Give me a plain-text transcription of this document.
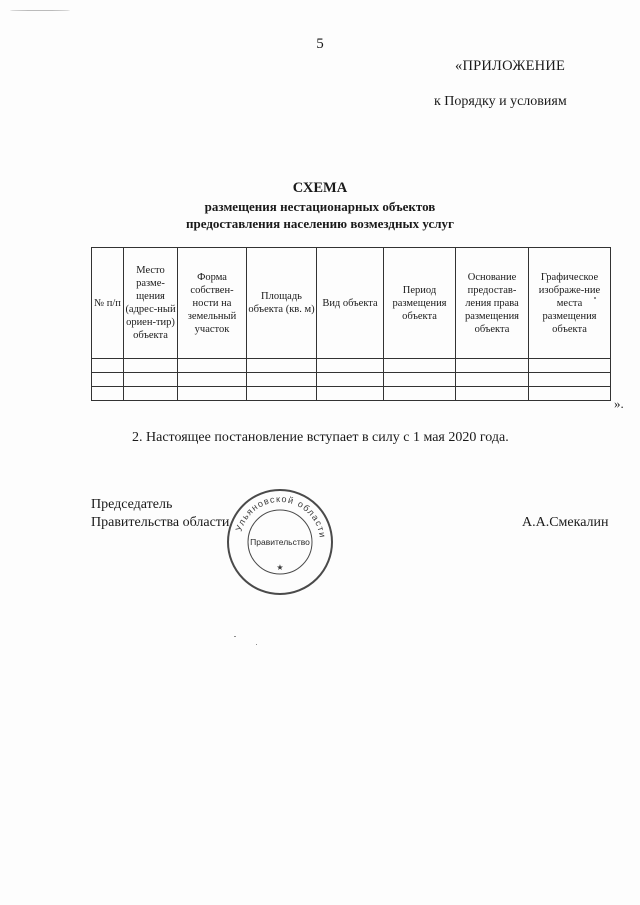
5
«ПРИЛОЖЕНИЕ
к Порядку и условиям
СХЕМА
размещения нестационарных объектов
предоставления населению возмездных услуг
№ п/п	Место разме-щения (адрес-ный ориен-тир) объекта	Форма собствен-ности на земельный участок	Площадь объекта (кв. м)	Вид объекта	Период размещения объекта	Основание предостав-ления права размещения объекта	Графическое изображе-ние места размещения объекта

».
2. Настоящее постановление вступает в силу с 1 мая 2020 года.
Председатель
Правительства области	А.А.Смекалин
Ульяновской области
Правительство
★
